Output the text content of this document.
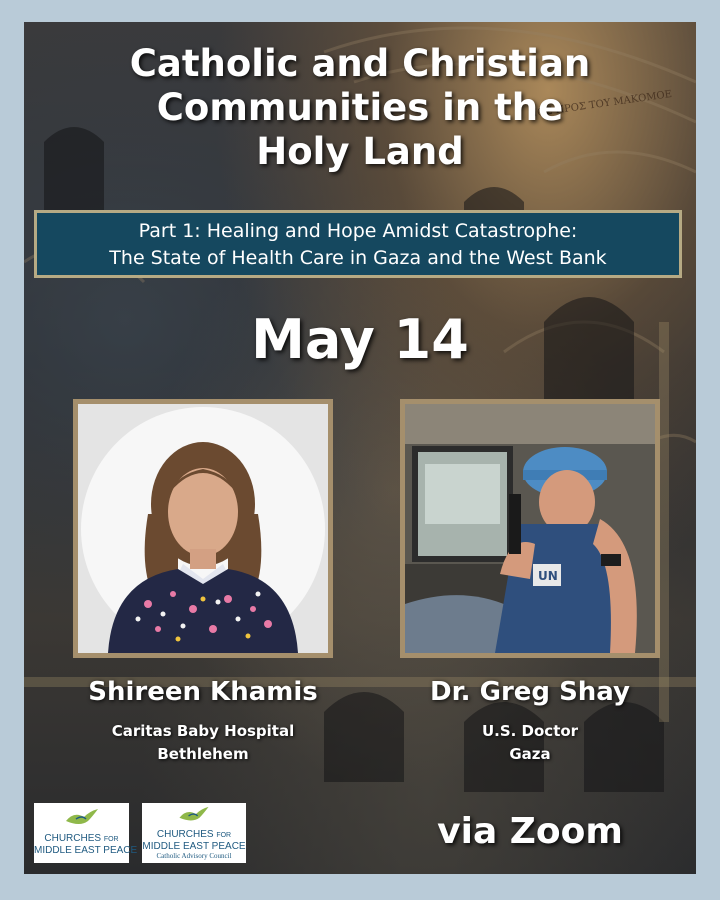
ΝΟΣ ΠΡΟΣ ΤΟΥ ΜΑΚΟΜΟΕ
Catholic and Christian
Communities in the
Holy Land
Part 1: Healing and Hope Amidst Catastrophe:
The State of Health Care in Gaza and the West Bank
May 14
UN
Shireen Khamis
Caritas Baby Hospital
Bethlehem
Dr. Greg Shay
U.S. Doctor
Gaza
CHURCHES FOR
MIDDLE EAST PEACE
CHURCHES FOR
MIDDLE EAST PEACE
Catholic Advisory Council
via Zoom
